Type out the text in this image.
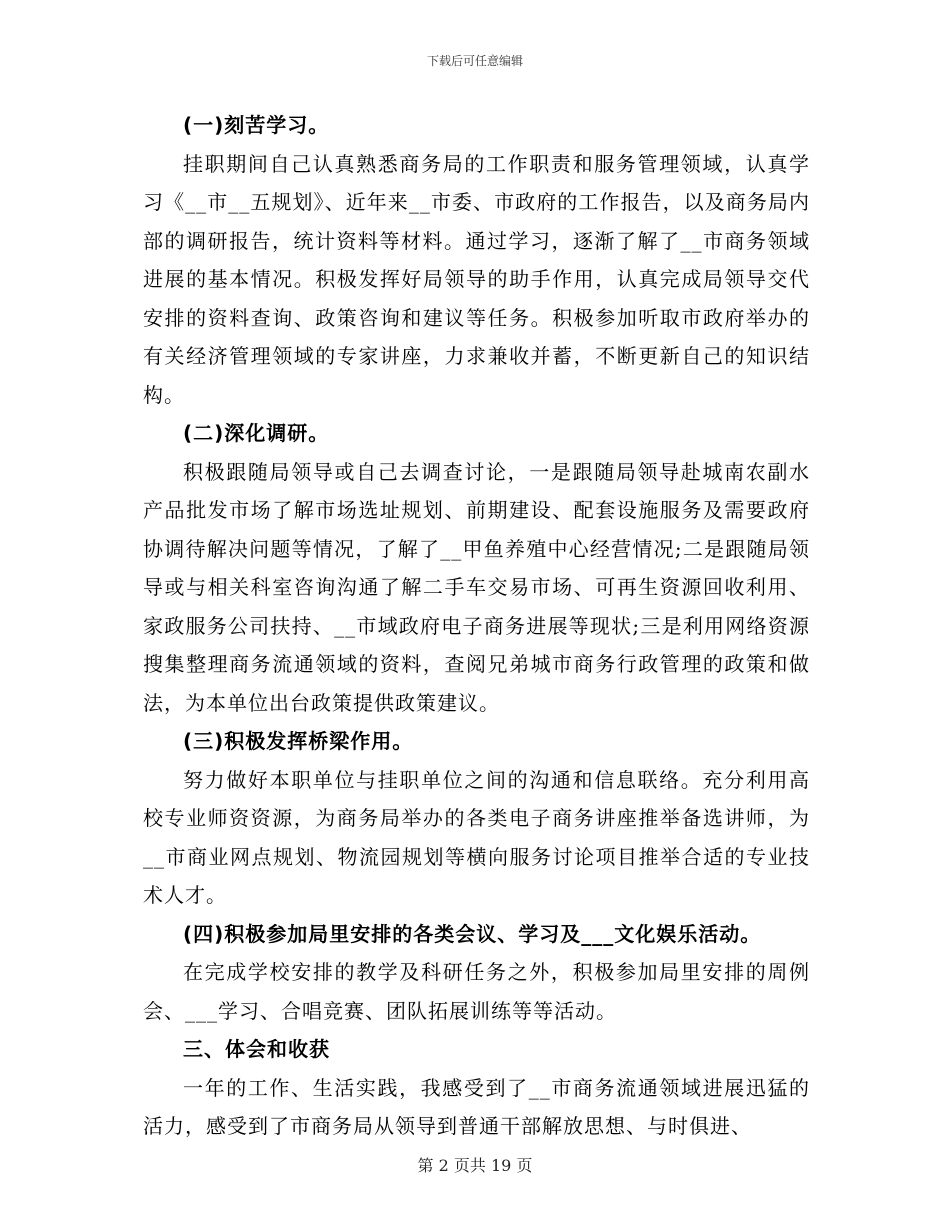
下载后可任意编辑

(一)刻苦学习。

挂职期间自己认真熟悉商务局的工作职责和服务管理领域，认真学习《__市__五规划》、近年来__市委、市政府的工作报告，以及商务局内部的调研报告，统计资料等材料。通过学习，逐渐了解了__市商务领域进展的基本情况。积极发挥好局领导的助手作用，认真完成局领导交代安排的资料查询、政策咨询和建议等任务。积极参加听取市政府举办的有关经济管理领域的专家讲座，力求兼收并蓄，不断更新自己的知识结构。

(二)深化调研。

积极跟随局领导或自己去调查讨论，一是跟随局领导赴城南农副水产品批发市场了解市场选址规划、前期建设、配套设施服务及需要政府协调待解决问题等情况，了解了__甲鱼养殖中心经营情况;二是跟随局领导或与相关科室咨询沟通了解二手车交易市场、可再生资源回收利用、家政服务公司扶持、__市域政府电子商务进展等现状;三是利用网络资源搜集整理商务流通领域的资料，查阅兄弟城市商务行政管理的政策和做法，为本单位出台政策提供政策建议。

(三)积极发挥桥梁作用。

努力做好本职单位与挂职单位之间的沟通和信息联络。充分利用高校专业师资资源，为商务局举办的各类电子商务讲座推举备选讲师，为__市商业网点规划、物流园规划等横向服务讨论项目推举合适的专业技术人才。

(四)积极参加局里安排的各类会议、学习及___文化娱乐活动。

在完成学校安排的教学及科研任务之外，积极参加局里安排的周例会、___学习、合唱竞赛、团队拓展训练等等活动。

三、体会和收获

一年的工作、生活实践，我感受到了__市商务流通领域进展迅猛的活力，感受到了市商务局从领导到普通干部解放思想、与时俱进、

第 2 页共 19 页
